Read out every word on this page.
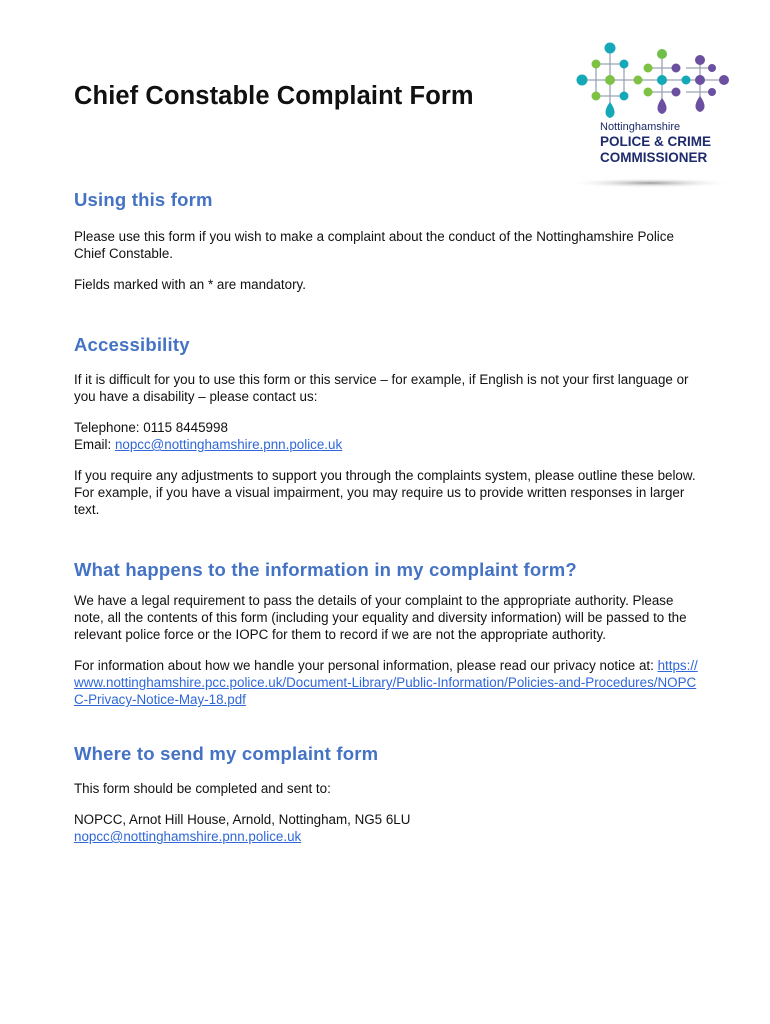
Chief Constable Complaint Form
Nottinghamshire
POLICE & CRIME
COMMISSIONER
Using this form

Please use this form if you wish to make a complaint about the conduct of the Nottinghamshire Police Chief Constable.

Fields marked with an * are mandatory.

Accessibility

If it is difficult for you to use this form or this service – for example, if English is not your first language or you have a disability – please contact us:

Telephone: 0115 8445998
Email: nopcc@nottinghamshire.pnn.police.uk

If you require any adjustments to support you through the complaints system, please outline these below. For example, if you have a visual impairment, you may require us to provide written responses in larger text.

What happens to the information in my complaint form?

We have a legal requirement to pass the details of your complaint to the appropriate authority. Please note, all the contents of this form (including your equality and diversity information) will be passed to the relevant police force or the IOPC for them to record if we are not the appropriate authority.

For information about how we handle your personal information, please read our privacy notice at: https://www.nottinghamshire.pcc.police.uk/Document-Library/Public-Information/Policies-and-Procedures/NOPCC-Privacy-Notice-May-18.pdf

Where to send my complaint form

This form should be completed and sent to:

NOPCC, Arnot Hill House, Arnold, Nottingham, NG5 6LU
nopcc@nottinghamshire.pnn.police.uk
